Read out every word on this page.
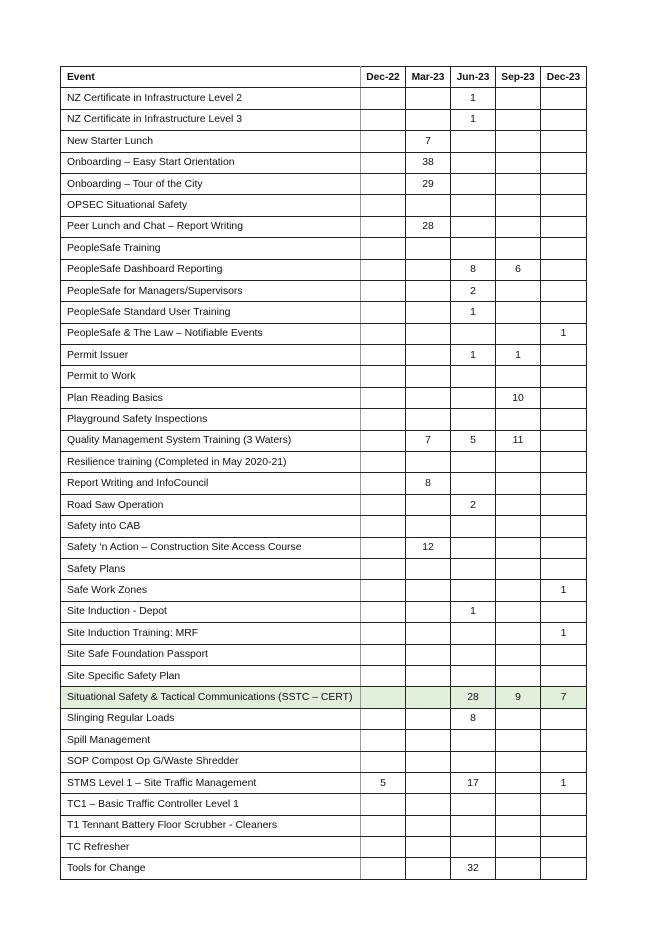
Event	Dec-22	Mar-23	Jun-23	Sep-23	Dec-23
NZ Certificate in Infrastructure Level 2			1		
NZ Certificate in Infrastructure Level 3			1		
New Starter Lunch		7			
Onboarding – Easy Start Orientation		38			
Onboarding – Tour of the City		29			
OPSEC Situational Safety					
Peer Lunch and Chat – Report Writing		28			
PeopleSafe Training					
PeopleSafe Dashboard Reporting			8	6	
PeopleSafe for Managers/Supervisors			2		
PeopleSafe Standard User Training			1		
PeopleSafe & The Law – Notifiable Events					1
Permit Issuer			1	1	
Permit to Work					
Plan Reading Basics				10	
Playground Safety Inspections					
Quality Management System Training (3 Waters)		7	5	11	
Resilience training (Completed in May 2020-21)					
Report Writing and InfoCouncil		8			
Road Saw Operation			2		
Safety into CAB					
Safety ‘n Action – Construction Site Access Course		12			
Safety Plans					
Safe Work Zones					1
Site Induction - Depot			1		
Site Induction Training: MRF					1
Site Safe Foundation Passport					
Site Specific Safety Plan					
Situational Safety & Tactical Communications (SSTC – CERT)			28	9	7
Slinging Regular Loads			8		
Spill Management					
SOP Compost Op G/Waste Shredder					
STMS Level 1 – Site Traffic Management	5		17		1
TC1 – Basic Traffic Controller Level 1					
T1 Tennant Battery Floor Scrubber - Cleaners					
TC Refresher					
Tools for Change			32		
